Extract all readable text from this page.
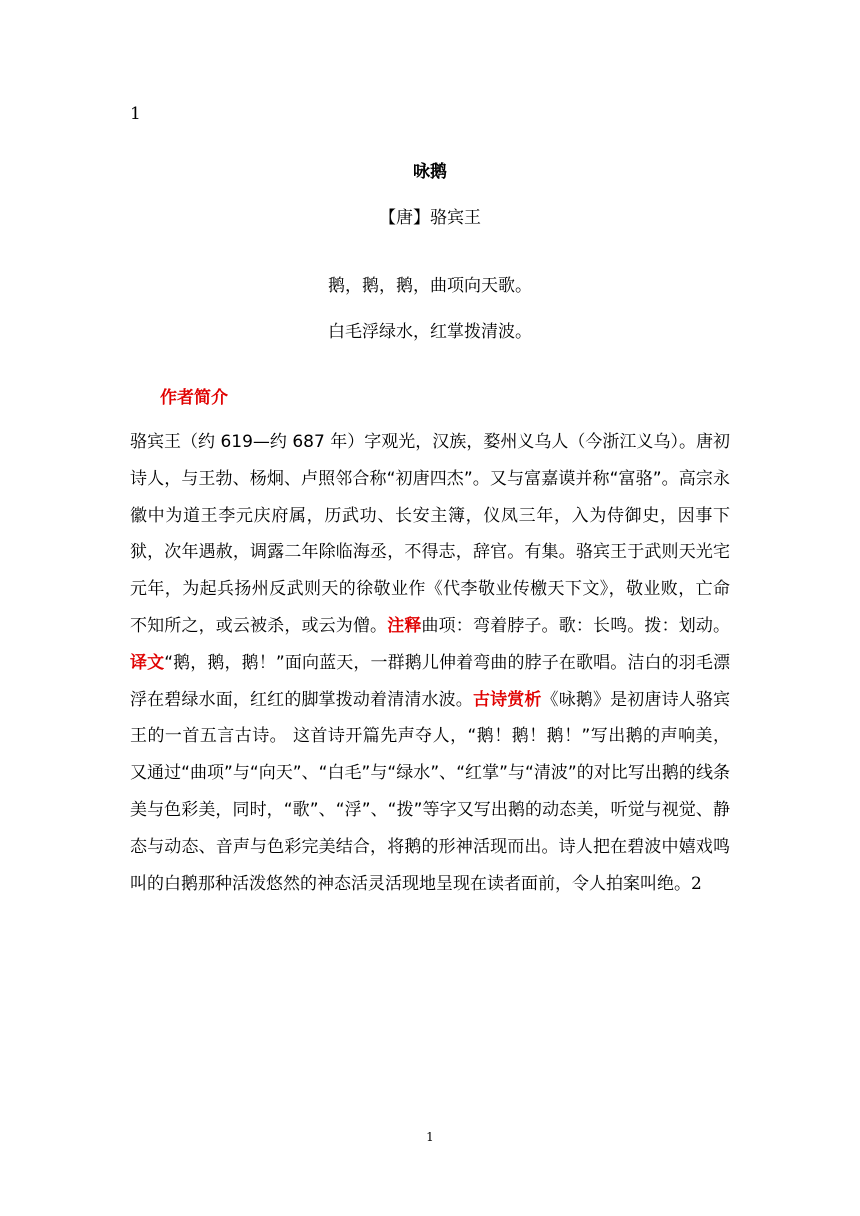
1
咏鹅
【唐】骆宾王
鹅，鹅，鹅，曲项向天歌。
白毛浮绿水，红掌拨清波。
作者简介

骆宾王（约 619—约 687 年）字观光，汉族，婺州义乌人（今浙江义乌）。唐初诗人，与王勃、杨炯、卢照邻合称“初唐四杰”。又与富嘉谟并称“富骆”。高宗永徽中为道王李元庆府属，历武功、长安主簿，仪凤三年，入为侍御史，因事下狱，次年遇赦，调露二年除临海丞，不得志，辞官。有集。骆宾王于武则天光宅元年，为起兵扬州反武则天的徐敬业作《代李敬业传檄天下文》，敬业败，亡命不知所之，或云被杀，或云为僧。注释曲项：弯着脖子。歌：长鸣。拨：划动。译文“鹅，鹅，鹅！”面向蓝天，一群鹅儿伸着弯曲的脖子在歌唱。洁白的羽毛漂浮在碧绿水面，红红的脚掌拨动着清清水波。古诗赏析《咏鹅》是初唐诗人骆宾王的一首五言古诗。 这首诗开篇先声夺人，“鹅！鹅！鹅！”写出鹅的声响美，又通过“曲项”与“向天”、“白毛”与“绿水”、“红掌”与“清波”的对比写出鹅的线条美与色彩美，同时，“歌”、“浮”、“拨”等字又写出鹅的动态美，听觉与视觉、静态与动态、音声与色彩完美结合，将鹅的形神活现而出。诗人把在碧波中嬉戏鸣叫的白鹅那种活泼悠然的神态活灵活现地呈现在读者面前，令人拍案叫绝。2

1
